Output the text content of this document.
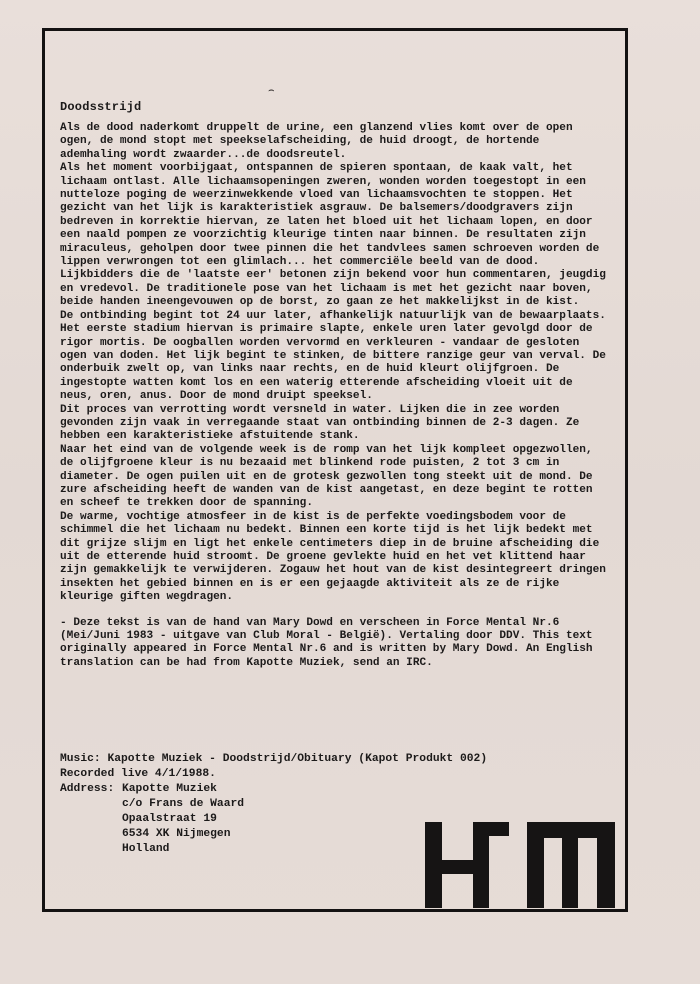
⌢
Doodsstrijd

Als de dood naderkomt druppelt de urine, een glanzend vlies komt over de open ogen, de mond stopt met speekselafscheiding, de huid droogt, de hortende ademhaling wordt zwaarder...de doodsreutel.

Als het moment voorbijgaat, ontspannen de spieren spontaan, de kaak valt, het lichaam ontlast. Alle lichaamsopeningen zweren, wonden worden toegestopt in een nutteloze poging de weerzinwekkende vloed van lichaamsvochten te stoppen. Het gezicht van het lijk is karakteristiek asgrauw. De balsemers/doodgravers zijn bedreven in korrektie hiervan, ze laten het bloed uit het lichaam lopen, en door een naald pompen ze voorzichtig kleurige tinten naar binnen. De resultaten zijn miraculeus, geholpen door twee pinnen die het tandvlees samen schroeven worden de lippen verwrongen tot een glimlach... het commerciële beeld van de dood. Lijkbidders die de 'laatste eer' betonen zijn bekend voor hun commentaren, jeugdig en vredevol. De traditionele pose van het lichaam is met het gezicht naar boven, beide handen ineengevouwen op de borst, zo gaan ze het makkelijkst in de kist.

De ontbinding begint tot 24 uur later, afhankelijk natuurlijk van de bewaarplaats. Het eerste stadium hiervan is primaire slapte, enkele uren later gevolgd door de rigor mortis. De oogballen worden vervormd en verkleuren - vandaar de gesloten ogen van doden. Het lijk begint te stinken, de bittere ranzige geur van verval. De onderbuik zwelt op, van links naar rechts, en de huid kleurt olijfgroen. De ingestopte watten komt los en een waterig etterende afscheiding vloeit uit de neus, oren, anus. Door de mond druipt speeksel.

Dit proces van verrotting wordt versneld in water. Lijken die in zee worden gevonden zijn vaak in verregaande staat van ontbinding binnen de 2-3 dagen. Ze hebben een karakteristieke afstuitende stank.

Naar het eind van de volgende week is de romp van het lijk kompleet opgezwollen, de olijfgroene kleur is nu bezaaid met blinkend rode puisten, 2 tot 3 cm in diameter. De ogen puilen uit en de grotesk gezwollen tong steekt uit de mond. De zure afscheiding heeft de wanden van de kist aangetast, en deze begint te rotten en scheef te trekken door de spanning.

De warme, vochtige atmosfeer in de kist is de perfekte voedingsbodem voor de schimmel die het lichaam nu bedekt. Binnen een korte tijd is het lijk bedekt met dit grijze slijm en ligt het enkele centimeters diep in de bruine afscheiding die uit de etterende huid stroomt. De groene gevlekte huid en het vet klittend haar zijn gemakkelijk te verwijderen. Zogauw het hout van de kist desintegreert dringen insekten het gebied binnen en is er een gejaagde aktiviteit als ze de rijke kleurige giften wegdragen.

- Deze tekst is van de hand van Mary Dowd en verscheen in Force Mental Nr.6 (Mei/Juni 1983 - uitgave van Club Moral - België). Vertaling door DDV. This text originally appeared in Force Mental Nr.6 and is written by Mary Dowd. An English translation can be had from Kapotte Muziek, send an IRC.

Music: Kapotte Muziek - Doodstrijd/Obituary (Kapot Produkt 002)
Recorded live 4/1/1988.
Address: Kapotte Muziek
c/o Frans de Waard
Opaalstraat 19
6534 XK Nijmegen
Holland
